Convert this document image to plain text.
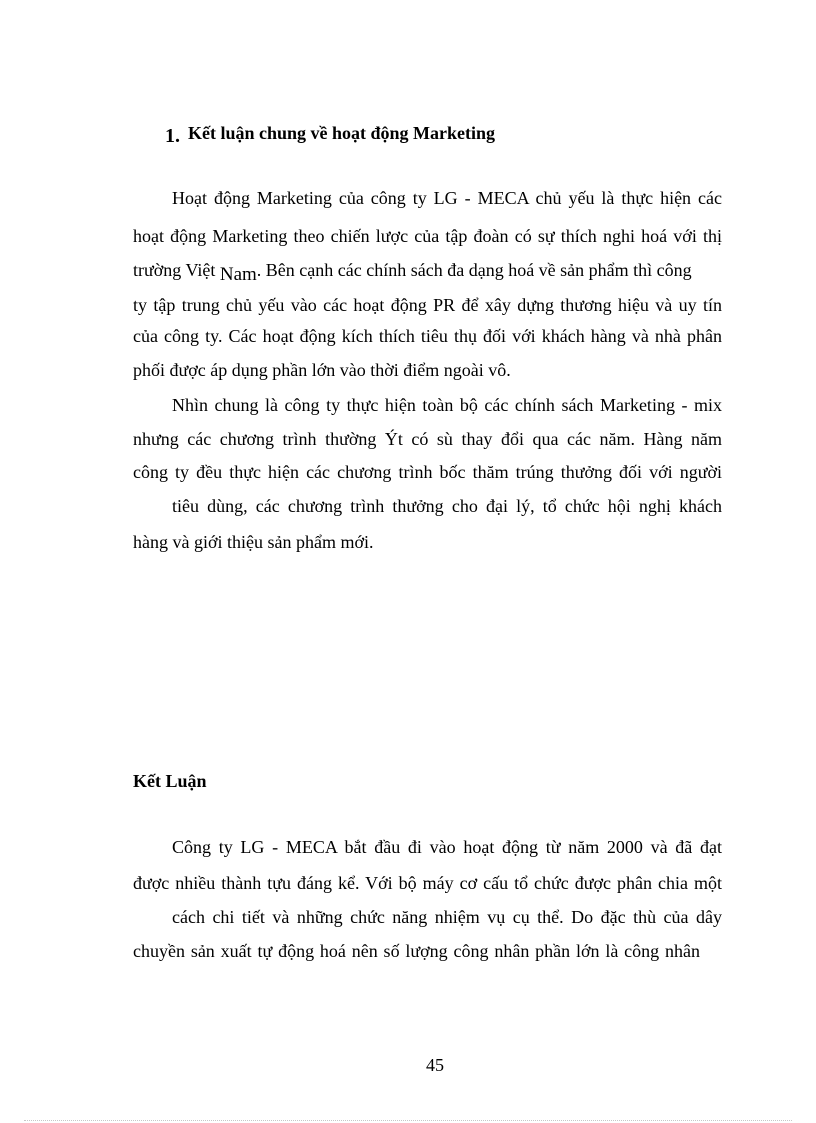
1. Kết luận chung về hoạt động Marketing

Hoạt động Marketing của công ty LG - MECA chủ yếu là thực hiện các

hoạt động Marketing theo chiến lược của tập đoàn có sự thích nghi hoá với thị

trường Việt Nam. Bên cạnh các chính sách đa dạng hoá về sản phẩm thì công

ty tập trung chủ yếu vào các hoạt động PR để xây dựng thương hiệu và uy tín

của công ty. Các hoạt động kích thích tiêu thụ đối với khách hàng và nhà phân

phối được áp dụng phần lớn vào thời điểm ngoài vô.

Nhìn chung là công ty thực hiện toàn bộ các chính sách Marketing - mix

nhưng các chương trình thường Ýt có sù thay đổi qua các năm. Hàng năm

công ty đều thực hiện các chương trình bốc thăm trúng thưởng đối với người

tiêu dùng, các chương trình thưởng cho đại lý, tổ chức hội nghị khách

hàng và giới thiệu sản phẩm mới.

Kết Luận

Công ty LG - MECA bắt đầu đi vào hoạt động từ năm 2000 và đã đạt

được nhiều thành tựu đáng kể. Với bộ máy cơ cấu tổ chức được phân chia một

cách chi tiết và những chức năng nhiệm vụ cụ thể. Do đặc thù của dây

chuyền sản xuất tự động hoá nên số lượng công nhân phần lớn là công nhân

45
